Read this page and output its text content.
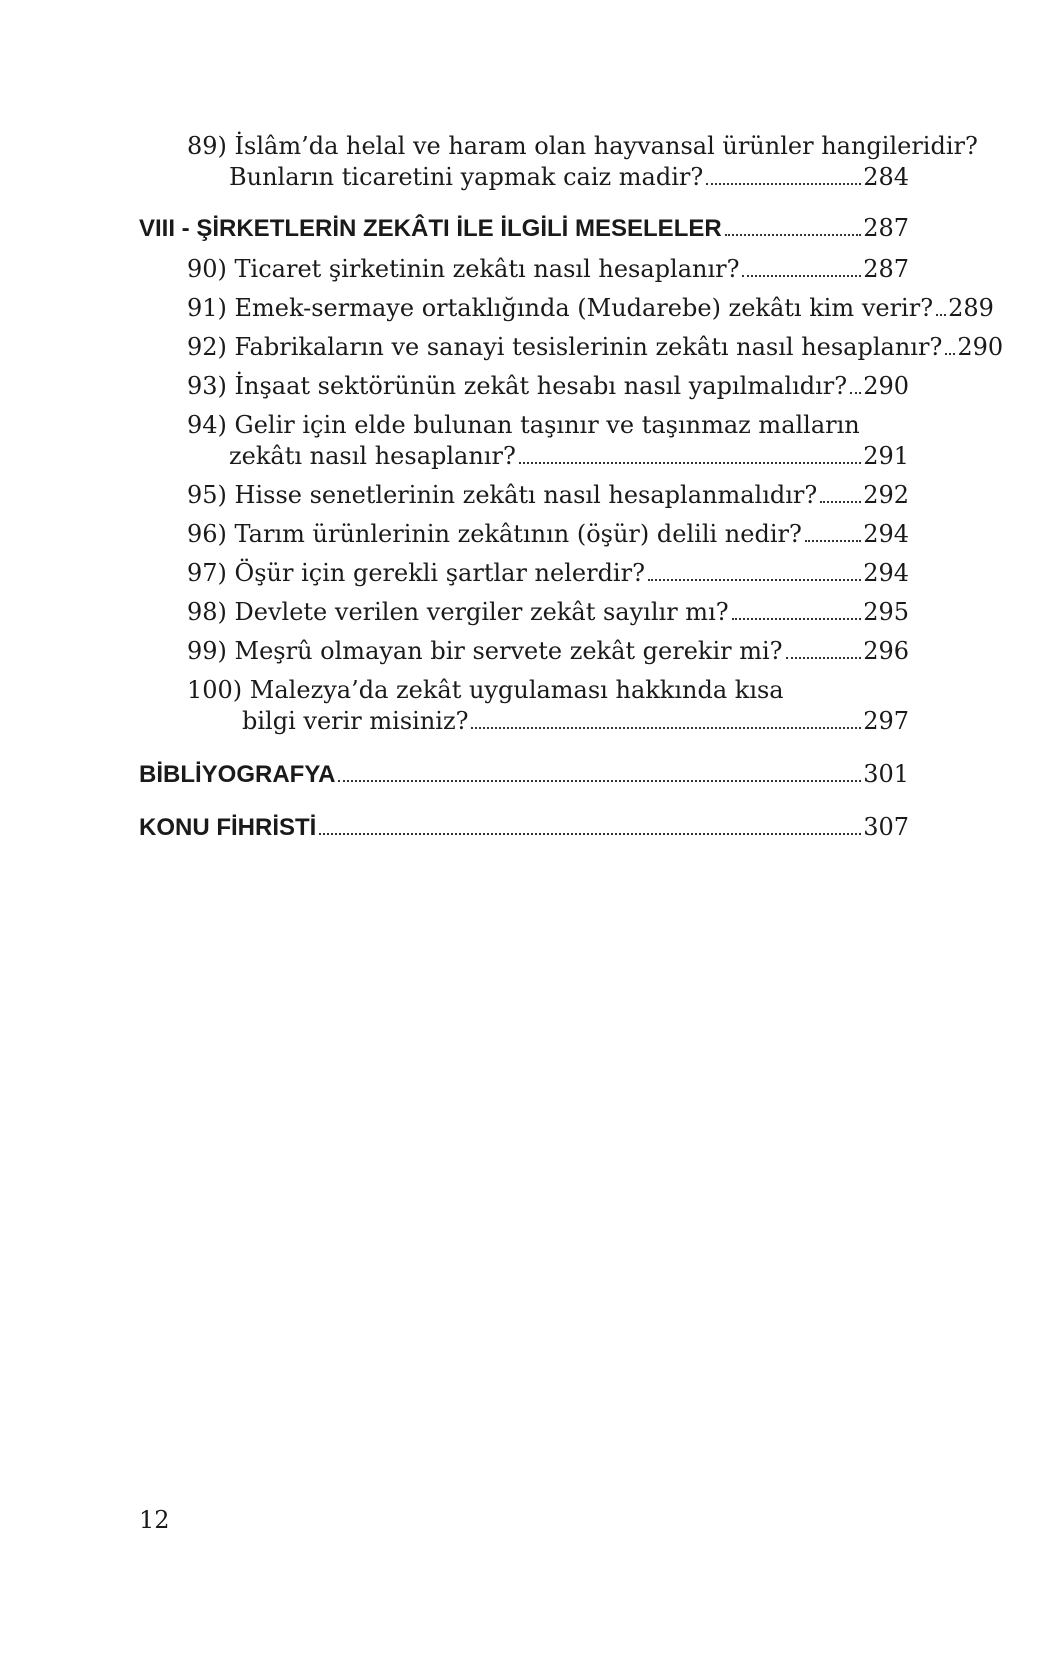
89) İslâm’da helal ve haram olan hayvansal ürünler hangileridir?
Bunların ticaretini yapmak caiz madir?	284
VIII - ŞİRKETLERİN ZEKÂTI İLE İLGİLİ MESELELER	287
90) Ticaret şirketinin zekâtı nasıl hesaplanır?	287
91) Emek-sermaye ortaklığında (Mudarebe) zekâtı kim verir? 289
92) Fabrikaların ve sanayi tesislerinin zekâtı nasıl hesaplanır? 290
93) İnşaat sektörünün zekât hesabı nasıl yapılmalıdır? 290
94) Gelir için elde bulunan taşınır ve taşınmaz malların
zekâtı nasıl hesaplanır?	291
95) Hisse senetlerinin zekâtı nasıl hesaplanmalıdır? 292
96) Tarım ürünlerinin zekâtının (öşür) delili nedir?	294
97) Öşür için gerekli şartlar nelerdir?	294
98) Devlete verilen vergiler zekât sayılır mı?	295
99) Meşrû olmayan bir servete zekât gerekir mi?	296
100) Malezya’da zekât uygulaması hakkında kısa
bilgi verir misiniz?	297
BİBLİYOGRAFYA	301
KONU FİHRİSTİ	307
12
